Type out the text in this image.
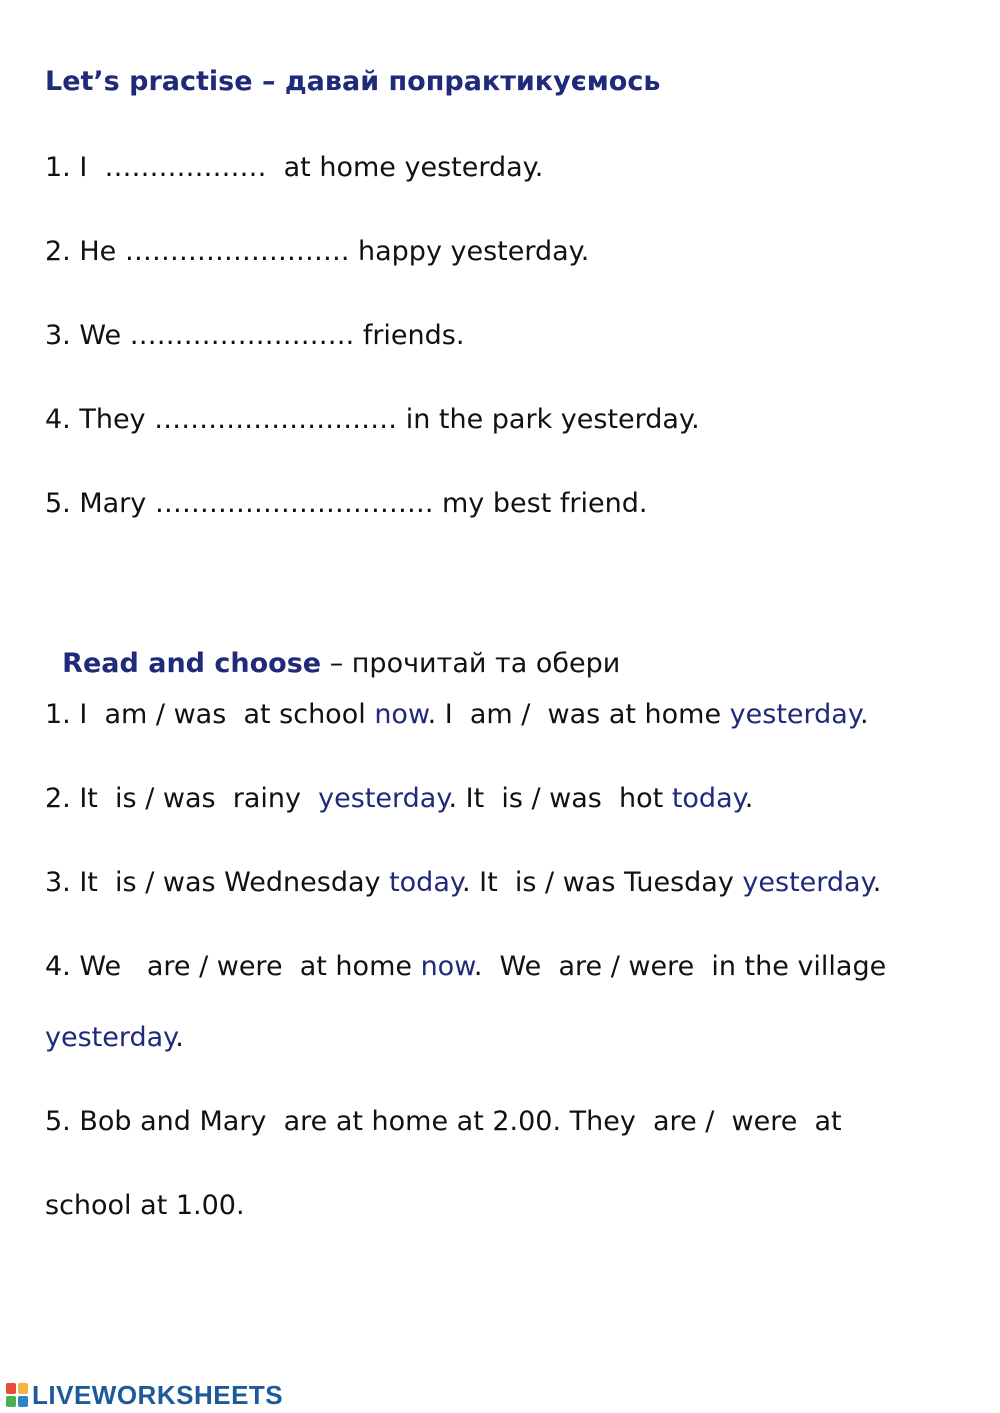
Let’s practise – давай попрактикуємось
1. I  ………………  at home yesterday.
2. He ……………………. happy yesterday.
3. We ……………………. friends.
4. They ……………………… in the park yesterday.
5. Mary …………………………. my best friend.

Read and choose – прочитай та обери

1. I  am / was  at school now. I  am /  was at home yesterday.
2. It  is / was  rainy  yesterday. It  is / was  hot today.
3. It  is / was Wednesday today. It  is / was Tuesday yesterday.
4. We   are / were  at home now.  We  are / were  in the village
yesterday.
5. Bob and Mary  are at home at 2.00. They  are /  were  at
school at 1.00.
LIVEWORKSHEETS
